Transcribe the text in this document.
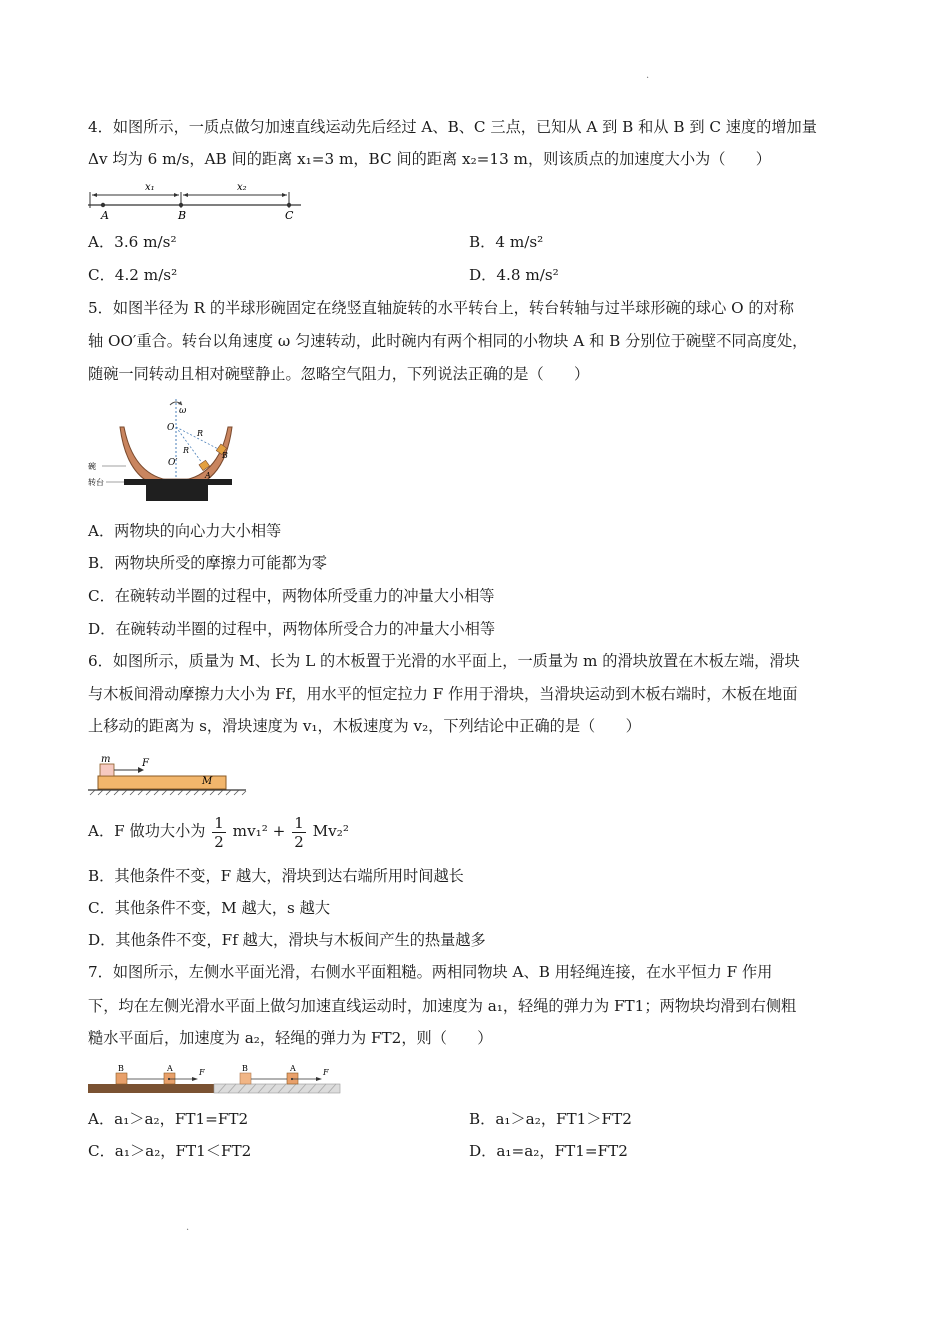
.
4．如图所示，一质点做匀加速直线运动先后经过 A、B、C 三点，已知从 A 到 B 和从 B 到 C 速度的增加量
Δv 均为 6 m/s，AB 间的距离 x₁=3 m，BC 间的距离 x₂=13 m，则该质点的加速度大小为（　　）
x₁	x₂
A	B	C
A．3.6 m/s²	B．4 m/s²
C．4.2 m/s²	D．4.8 m/s²
5．如图半径为 R 的半球形碗固定在绕竖直轴旋转的水平转台上，转台转轴与过半球形碗的球心 O 的对称
轴 OO′重合。转台以角速度 ω 匀速转动，此时碗内有两个相同的小物块 A 和 B 分别位于碗壁不同高度处，
随碗一同转动且相对碗壁静止。忽略空气阻力，下列说法正确的是（　　）
ω
O
O′
R
R
A
B
碗
转台
A．两物块的向心力大小相等
B．两物块所受的摩擦力可能都为零
C．在碗转动半圈的过程中，两物体所受重力的冲量大小相等
D．在碗转动半圈的过程中，两物体所受合力的冲量大小相等
6．如图所示，质量为 M、长为 L 的木板置于光滑的水平面上，一质量为 m 的滑块放置在木板左端，滑块
与木板间滑动摩擦力大小为 Ff，用水平的恒定拉力 F 作用于滑块，当滑块运动到木板右端时，木板在地面
上移动的距离为 s，滑块速度为 v₁，木板速度为 v₂，下列结论中正确的是（　　）
m	F
M
A．F 做功大小为 $\frac{1}{2} mv_1^2 + \frac{1}{2} Mv_2^2$
B．其他条件不变，F 越大，滑块到达右端所用时间越长
C．其他条件不变，M 越大，s 越大
D．其他条件不变，Ff 越大，滑块与木板间产生的热量越多
7．如图所示，左侧水平面光滑，右侧水平面粗糙。两相同物块 A、B 用轻绳连接，在水平恒力 F 作用
下，均在左侧光滑水平面上做匀加速直线运动时，加速度为 a₁，轻绳的弹力为 FT1；两物块均滑到右侧粗
糙水平面后，加速度为 a₂，轻绳的弹力为 FT2，则（　　）
B	A	F	B	A	F
A．a₁＞a₂，FT1=FT2	B．a₁＞a₂，FT1＞FT2
C．a₁＞a₂，FT1＜FT2	D．a₁=a₂，FT1=FT2
.
